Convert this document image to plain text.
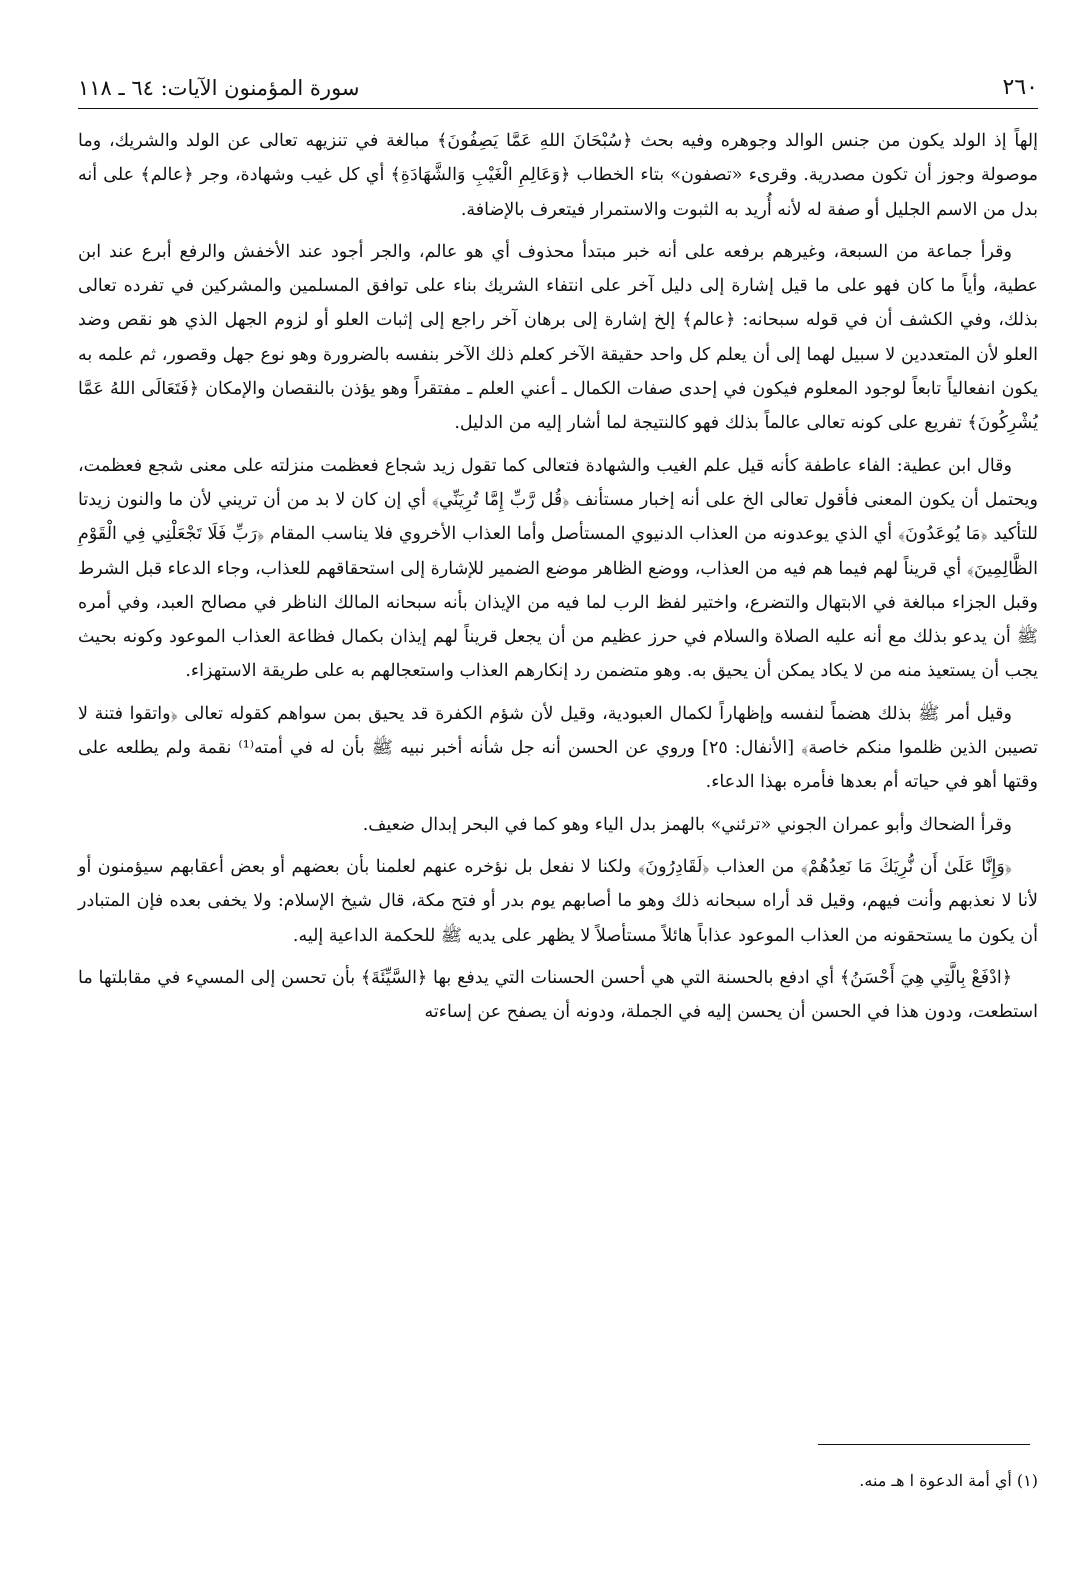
٢٦٠
سورة المؤمنون الآيات: ٦٤ ـ ١١٨

إلهاً إذ الولد يكون من جنس الوالد وجوهره وفيه بحث ﴿سُبْحَانَ اللهِ عَمَّا يَصِفُونَ﴾ مبالغة في تنزيهه تعالى عن الولد والشريك، وما موصولة وجوز أن تكون مصدرية. وقرىء «تصفون» بتاء الخطاب ﴿وَعَالِمِ الْغَيْبِ وَالشَّهَادَةِ﴾ أي كل غيب وشهادة، وجر ﴿عالم﴾ على أنه بدل من الاسم الجليل أو صفة له لأنه أُريد به الثبوت والاستمرار فيتعرف بالإضافة.

وقرأ جماعة من السبعة، وغيرهم برفعه على أنه خبر مبتدأ محذوف أي هو عالم، والجر أجود عند الأخفش والرفع أبرع عند ابن عطية، وأياً ما كان فهو على ما قيل إشارة إلى دليل آخر على انتفاء الشريك بناء على توافق المسلمين والمشركين في تفرده تعالى بذلك، وفي الكشف أن في قوله سبحانه: ﴿عالم﴾ إلخ إشارة إلى برهان آخر راجع إلى إثبات العلو أو لزوم الجهل الذي هو نقص وضد العلو لأن المتعددين لا سبيل لهما إلى أن يعلم كل واحد حقيقة الآخر كعلم ذلك الآخر بنفسه بالضرورة وهو نوع جهل وقصور، ثم علمه به يكون انفعالياً تابعاً لوجود المعلوم فيكون في إحدى صفات الكمال ـ أعني العلم ـ مفتقراً وهو يؤذن بالنقصان والإمكان ﴿فَتَعَالَى اللهُ عَمَّا يُشْرِكُونَ﴾ تفريع على كونه تعالى عالماً بذلك فهو كالنتيجة لما أشار إليه من الدليل.

وقال ابن عطية: الفاء عاطفة كأنه قيل علم الغيب والشهادة فتعالى كما تقول زيد شجاع فعظمت منزلته على معنى شجع فعظمت، ويحتمل أن يكون المعنى فأقول تعالى الخ على أنه إخبار مستأنف ﴿قُل رَّبِّ إِمَّا تُرِيَنِّي﴾ أي إن كان لا بد من أن تريني لأن ما والنون زيدتا للتأكيد ﴿مَا يُوعَدُونَ﴾ أي الذي يوعدونه من العذاب الدنيوي المستأصل وأما العذاب الأخروي فلا يناسب المقام ﴿رَبِّ فَلَا تَجْعَلْنِي فِي الْقَوْمِ الظَّالِمِينَ﴾ أي قريناً لهم فيما هم فيه من العذاب، ووضع الظاهر موضع الضمير للإشارة إلى استحقاقهم للعذاب، وجاء الدعاء قبل الشرط وقبل الجزاء مبالغة في الابتهال والتضرع، واختير لفظ الرب لما فيه من الإيذان بأنه سبحانه المالك الناظر في مصالح العبد، وفي أمره ﷺ أن يدعو بذلك مع أنه عليه الصلاة والسلام في حرز عظيم من أن يجعل قريناً لهم إيذان بكمال فظاعة العذاب الموعود وكونه بحيث يجب أن يستعيذ منه من لا يكاد يمكن أن يحيق به. وهو متضمن رد إنكارهم العذاب واستعجالهم به على طريقة الاستهزاء.

وقيل أمر ﷺ بذلك هضماً لنفسه وإظهاراً لكمال العبودية، وقيل لأن شؤم الكفرة قد يحيق بمن سواهم كقوله تعالى ﴿واتقوا فتنة لا تصيبن الذين ظلموا منكم خاصة﴾ [الأنفال: ٢٥] وروي عن الحسن أنه جل شأنه أخبر نبيه ﷺ بأن له في أمته⁽¹⁾ نقمة ولم يطلعه على وقتها أهو في حياته أم بعدها فأمره بهذا الدعاء.

وقرأ الضحاك وأبو عمران الجوني «ترئني» بالهمز بدل الياء وهو كما في البحر إبدال ضعيف.

﴿وَإِنَّا عَلَىٰ أَن نُّرِيَكَ مَا نَعِدُهُمْ﴾ من العذاب ﴿لَقَادِرُونَ﴾ ولكنا لا نفعل بل نؤخره عنهم لعلمنا بأن بعضهم أو بعض أعقابهم سيؤمنون أو لأنا لا نعذبهم وأنت فيهم، وقيل قد أراه سبحانه ذلك وهو ما أصابهم يوم بدر أو فتح مكة، قال شيخ الإسلام: ولا يخفى بعده فإن المتبادر أن يكون ما يستحقونه من العذاب الموعود عذاباً هائلاً مستأصلاً لا يظهر على يديه ﷺ للحكمة الداعية إليه.

﴿ادْفَعْ بِالَّتِي هِيَ أَحْسَنُ﴾ أي ادفع بالحسنة التي هي أحسن الحسنات التي يدفع بها ﴿السَّيِّئَةَ﴾ بأن تحسن إلى المسيء في مقابلتها ما استطعت، ودون هذا في الحسن أن يحسن إليه في الجملة، ودونه أن يصفح عن إساءته

(١) أي أمة الدعوة ا هـ منه.
